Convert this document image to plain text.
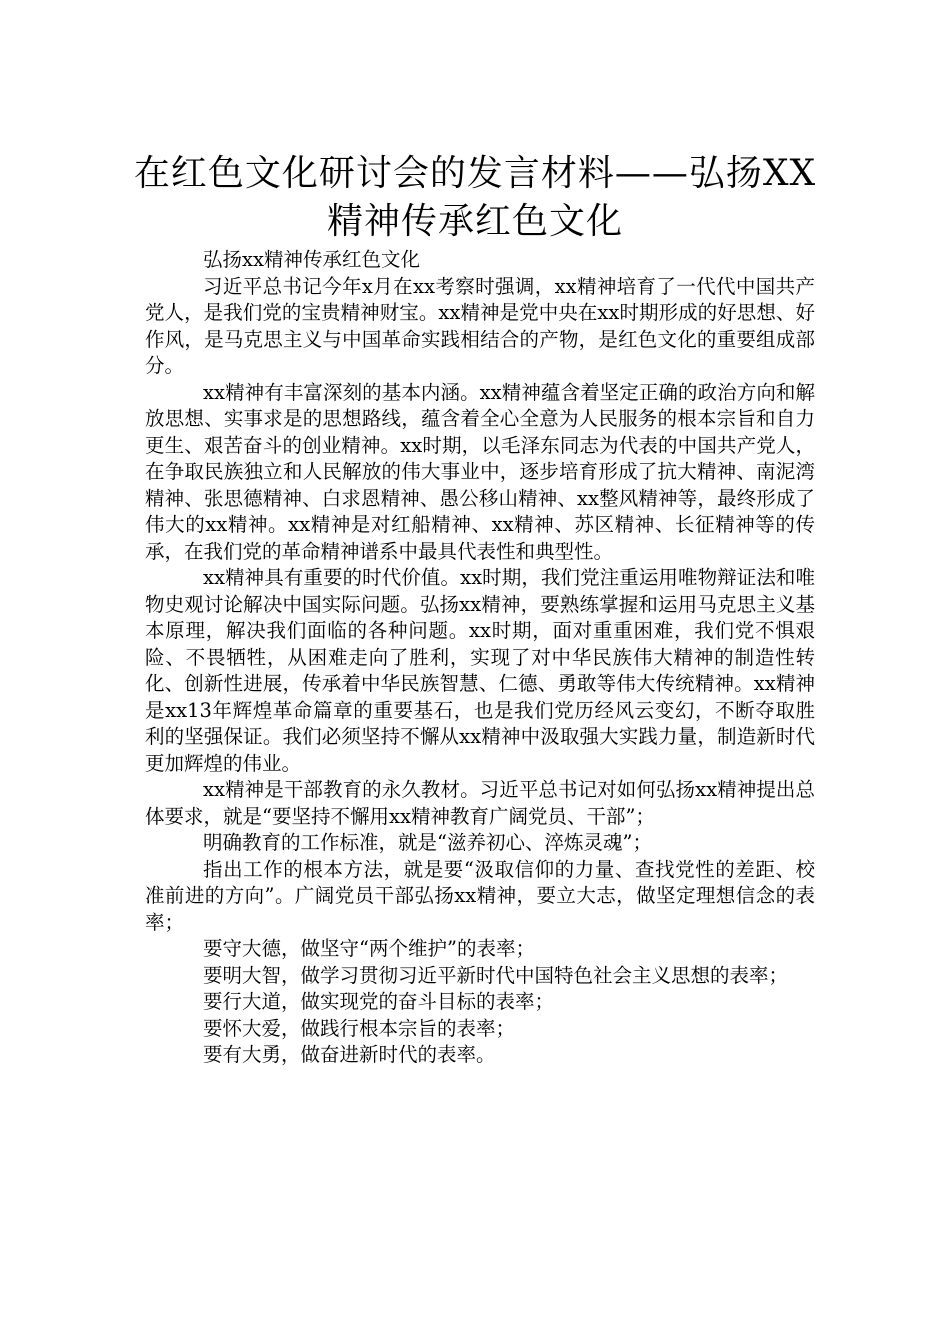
在红色文化研讨会的发言材料——弘扬XX
精神传承红色文化

弘扬xx精神传承红色文化

习近平总书记今年x月在xx考察时强调，xx精神培育了一代代中国共产党人，是我们党的宝贵精神财宝。xx精神是党中央在xx时期形成的好思想、好作风，是马克思主义与中国革命实践相结合的产物，是红色文化的重要组成部分。

xx精神有丰富深刻的基本内涵。xx精神蕴含着坚定正确的政治方向和解放思想、实事求是的思想路线，蕴含着全心全意为人民服务的根本宗旨和自力更生、艰苦奋斗的创业精神。xx时期，以毛泽东同志为代表的中国共产党人，在争取民族独立和人民解放的伟大事业中，逐步培育形成了抗大精神、南泥湾精神、张思德精神、白求恩精神、愚公移山精神、xx整风精神等，最终形成了伟大的xx精神。xx精神是对红船精神、xx精神、苏区精神、长征精神等的传承，在我们党的革命精神谱系中最具代表性和典型性。

xx精神具有重要的时代价值。xx时期，我们党注重运用唯物辩证法和唯物史观讨论解决中国实际问题。弘扬xx精神，要熟练掌握和运用马克思主义基本原理，解决我们面临的各种问题。xx时期，面对重重困难，我们党不惧艰险、不畏牺牲，从困难走向了胜利，实现了对中华民族伟大精神的制造性转化、创新性进展，传承着中华民族智慧、仁德、勇敢等伟大传统精神。xx精神是xx13年辉煌革命篇章的重要基石，也是我们党历经风云变幻，不断夺取胜利的坚强保证。我们必须坚持不懈从xx精神中汲取强大实践力量，制造新时代更加辉煌的伟业。

xx精神是干部教育的永久教材。习近平总书记对如何弘扬xx精神提出总体要求，就是“要坚持不懈用xx精神教育广阔党员、干部”；

明确教育的工作标准，就是“滋养初心、淬炼灵魂”；

指出工作的根本方法，就是要“汲取信仰的力量、查找党性的差距、校准前进的方向”。广阔党员干部弘扬xx精神，要立大志，做坚定理想信念的表率；

要守大德，做坚守“两个维护”的表率；

要明大智，做学习贯彻习近平新时代中国特色社会主义思想的表率；

要行大道，做实现党的奋斗目标的表率；

要怀大爱，做践行根本宗旨的表率；

要有大勇，做奋进新时代的表率。
